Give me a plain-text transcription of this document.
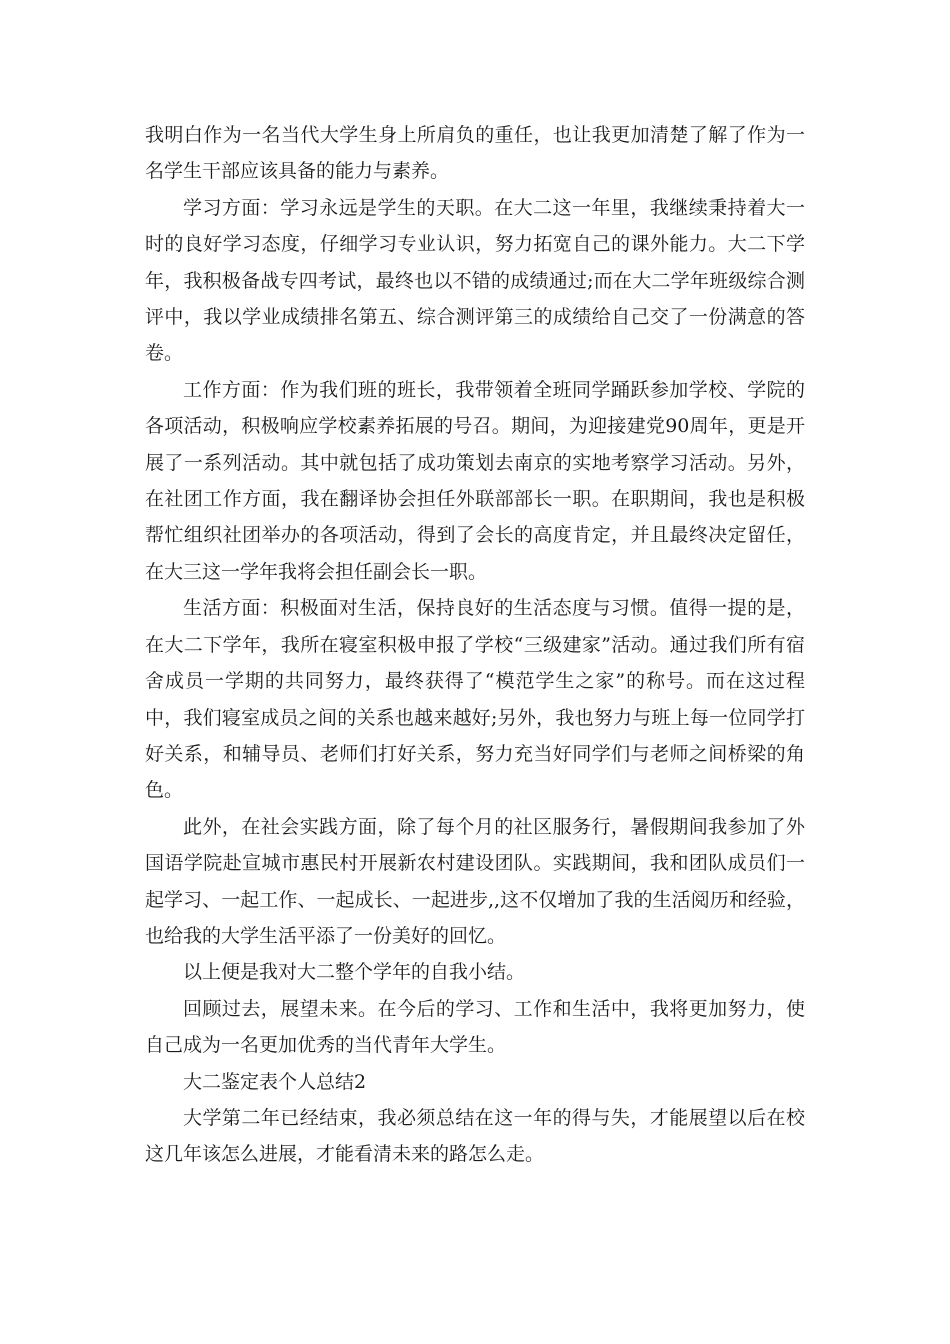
我明白作为一名当代大学生身上所肩负的重任，也让我更加清楚了解了作为一名学生干部应该具备的能力与素养。

学习方面：学习永远是学生的天职。在大二这一年里，我继续秉持着大一时的良好学习态度，仔细学习专业认识，努力拓宽自己的课外能力。大二下学年，我积极备战专四考试，最终也以不错的成绩通过;而在大二学年班级综合测评中，我以学业成绩排名第五、综合测评第三的成绩给自己交了一份满意的答卷。

工作方面：作为我们班的班长，我带领着全班同学踊跃参加学校、学院的各项活动，积极响应学校素养拓展的号召。期间，为迎接建党90周年，更是开展了一系列活动。其中就包括了成功策划去南京的实地考察学习活动。另外，在社团工作方面，我在翻译协会担任外联部部长一职。在职期间，我也是积极帮忙组织社团举办的各项活动，得到了会长的高度肯定，并且最终决定留任，在大三这一学年我将会担任副会长一职。

生活方面：积极面对生活，保持良好的生活态度与习惯。值得一提的是，在大二下学年，我所在寝室积极申报了学校“三级建家”活动。通过我们所有宿舍成员一学期的共同努力，最终获得了“模范学生之家”的称号。而在这过程中，我们寝室成员之间的关系也越来越好;另外，我也努力与班上每一位同学打好关系，和辅导员、老师们打好关系，努力充当好同学们与老师之间桥梁的角色。

此外，在社会实践方面，除了每个月的社区服务行，暑假期间我参加了外国语学院赴宣城市惠民村开展新农村建设团队。实践期间，我和团队成员们一起学习、一起工作、一起成长、一起进步,,这不仅增加了我的生活阅历和经验，也给我的大学生活平添了一份美好的回忆。

以上便是我对大二整个学年的自我小结。

回顾过去，展望未来。在今后的学习、工作和生活中，我将更加努力，使自己成为一名更加优秀的当代青年大学生。

大二鉴定表个人总结2

大学第二年已经结束，我必须总结在这一年的得与失，才能展望以后在校这几年该怎么进展，才能看清未来的路怎么走。
